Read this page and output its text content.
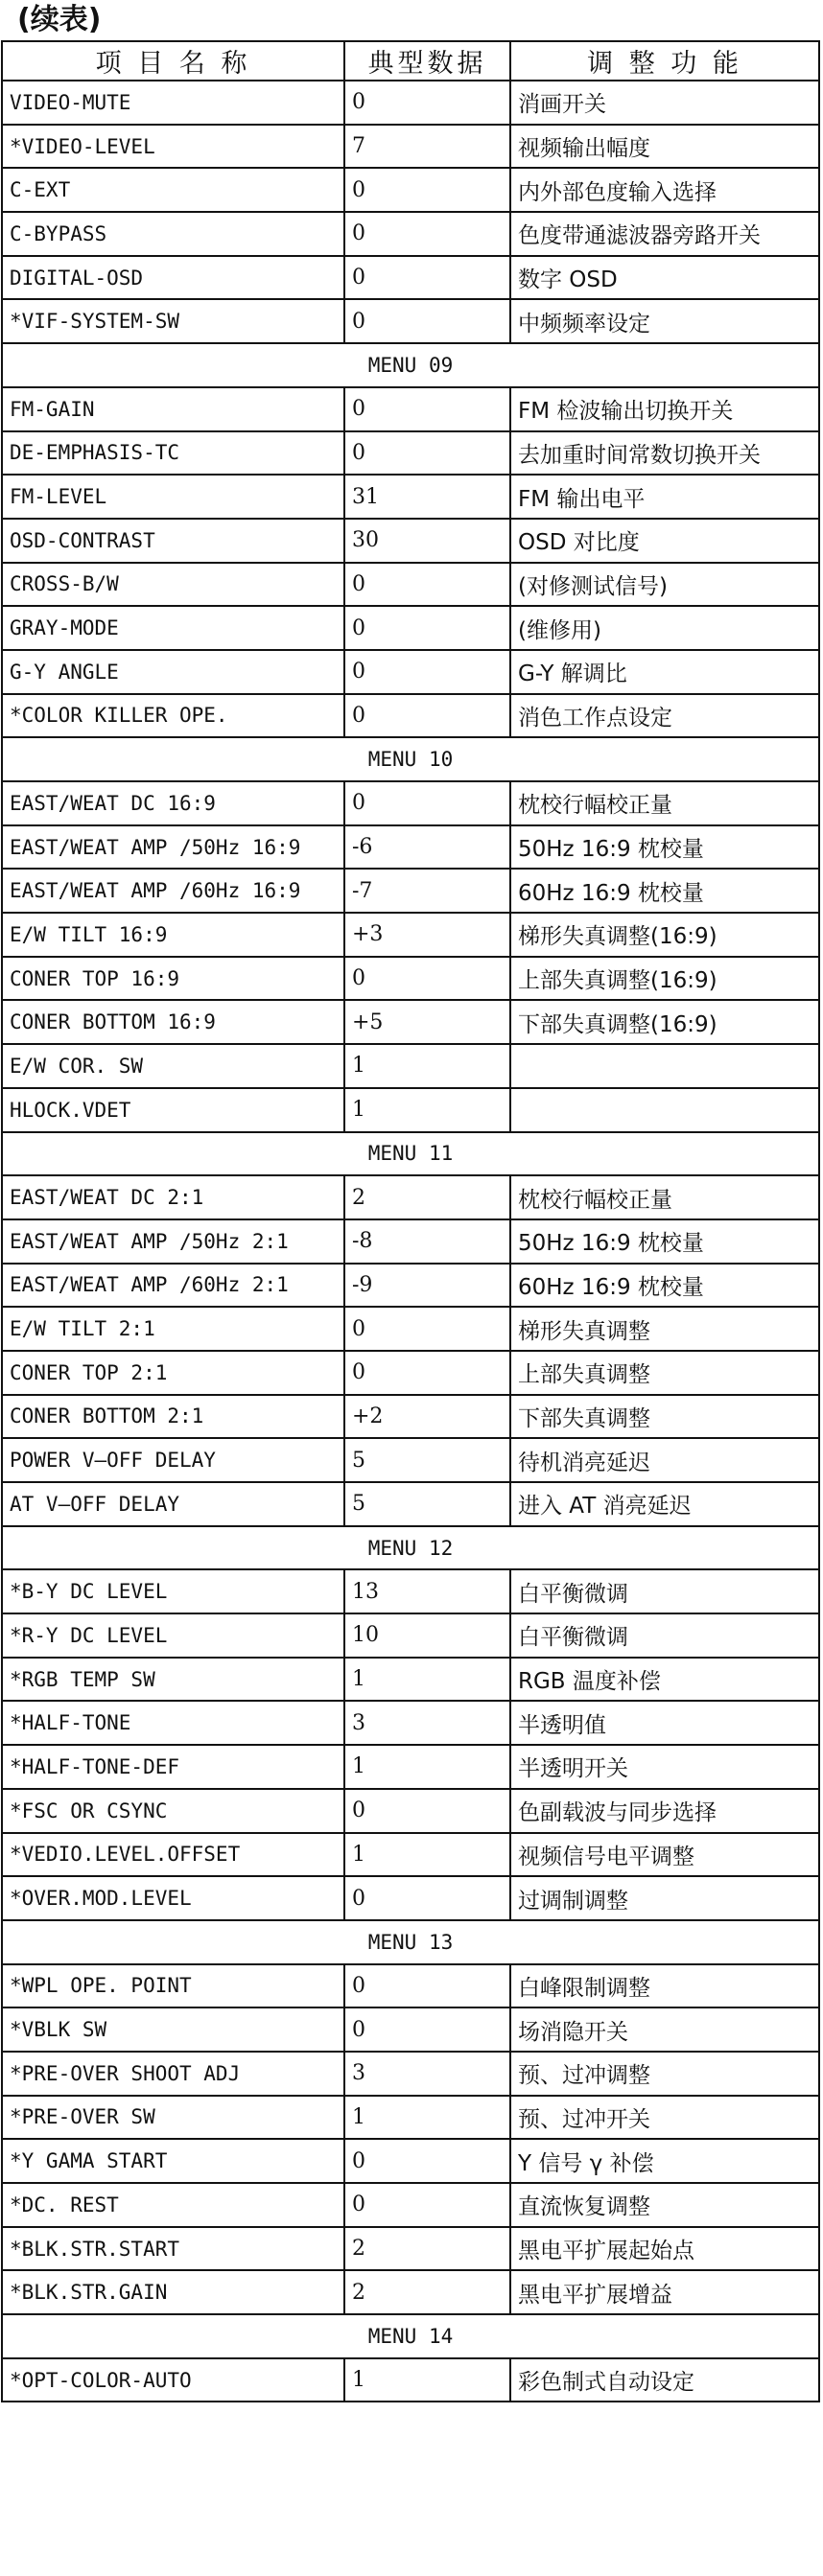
(续表)
项 目 名 称	典型数据	调 整 功 能
VIDEO-MUTE	0	消画开关
*VIDEO-LEVEL	7	视频输出幅度
C-EXT	0	内外部色度输入选择
C-BYPASS	0	色度带通滤波器旁路开关
DIGITAL-OSD	0	数字 OSD
*VIF-SYSTEM-SW	0	中频频率设定
MENU 09		
FM-GAIN	0	FM 检波输出切换开关
DE-EMPHASIS-TC	0	去加重时间常数切换开关
FM-LEVEL	31	FM 输出电平
OSD-CONTRAST	30	OSD 对比度
CROSS-B/W	0	(对修测试信号)
GRAY-MODE	0	(维修用)
G-Y ANGLE	0	G-Y 解调比
*COLOR KILLER OPE.	0	消色工作点设定
MENU 10		
EAST/WEAT DC 16:9	0	枕校行幅校正量
EAST/WEAT AMP /50Hz 16:9	-6	50Hz 16:9 枕校量
EAST/WEAT AMP /60Hz 16:9	-7	60Hz 16:9 枕校量
E/W TILT 16:9	+3	梯形失真调整(16:9)
CONER TOP 16:9	0	上部失真调整(16:9)
CONER BOTTOM 16:9	+5	下部失真调整(16:9)
E/W COR. SW	1	
HLOCK.VDET	1	
MENU 11		
EAST/WEAT DC 2:1	2	枕校行幅校正量
EAST/WEAT AMP /50Hz 2:1	-8	50Hz 16:9 枕校量
EAST/WEAT AMP /60Hz 2:1	-9	60Hz 16:9 枕校量
E/W TILT 2:1	0	梯形失真调整
CONER TOP 2:1	0	上部失真调整
CONER BOTTOM 2:1	+2	下部失真调整
POWER V—OFF DELAY	5	待机消亮延迟
AT V—OFF DELAY	5	进入 AT 消亮延迟
MENU 12		
*B-Y DC LEVEL	13	白平衡微调
*R-Y DC LEVEL	10	白平衡微调
*RGB TEMP SW	1	RGB 温度补偿
*HALF-TONE	3	半透明值
*HALF-TONE-DEF	1	半透明开关
*FSC OR CSYNC	0	色副载波与同步选择
*VEDIO.LEVEL.OFFSET	1	视频信号电平调整
*OVER.MOD.LEVEL	0	过调制调整
MENU 13		
*WPL OPE. POINT	0	白峰限制调整
*VBLK SW	0	场消隐开关
*PRE-OVER SHOOT ADJ	3	预、过冲调整
*PRE-OVER SW	1	预、过冲开关
*Y GAMA START	0	Y 信号 γ 补偿
*DC. REST	0	直流恢复调整
*BLK.STR.START	2	黑电平扩展起始点
*BLK.STR.GAIN	2	黑电平扩展增益
MENU 14		
*OPT-COLOR-AUTO	1	彩色制式自动设定
